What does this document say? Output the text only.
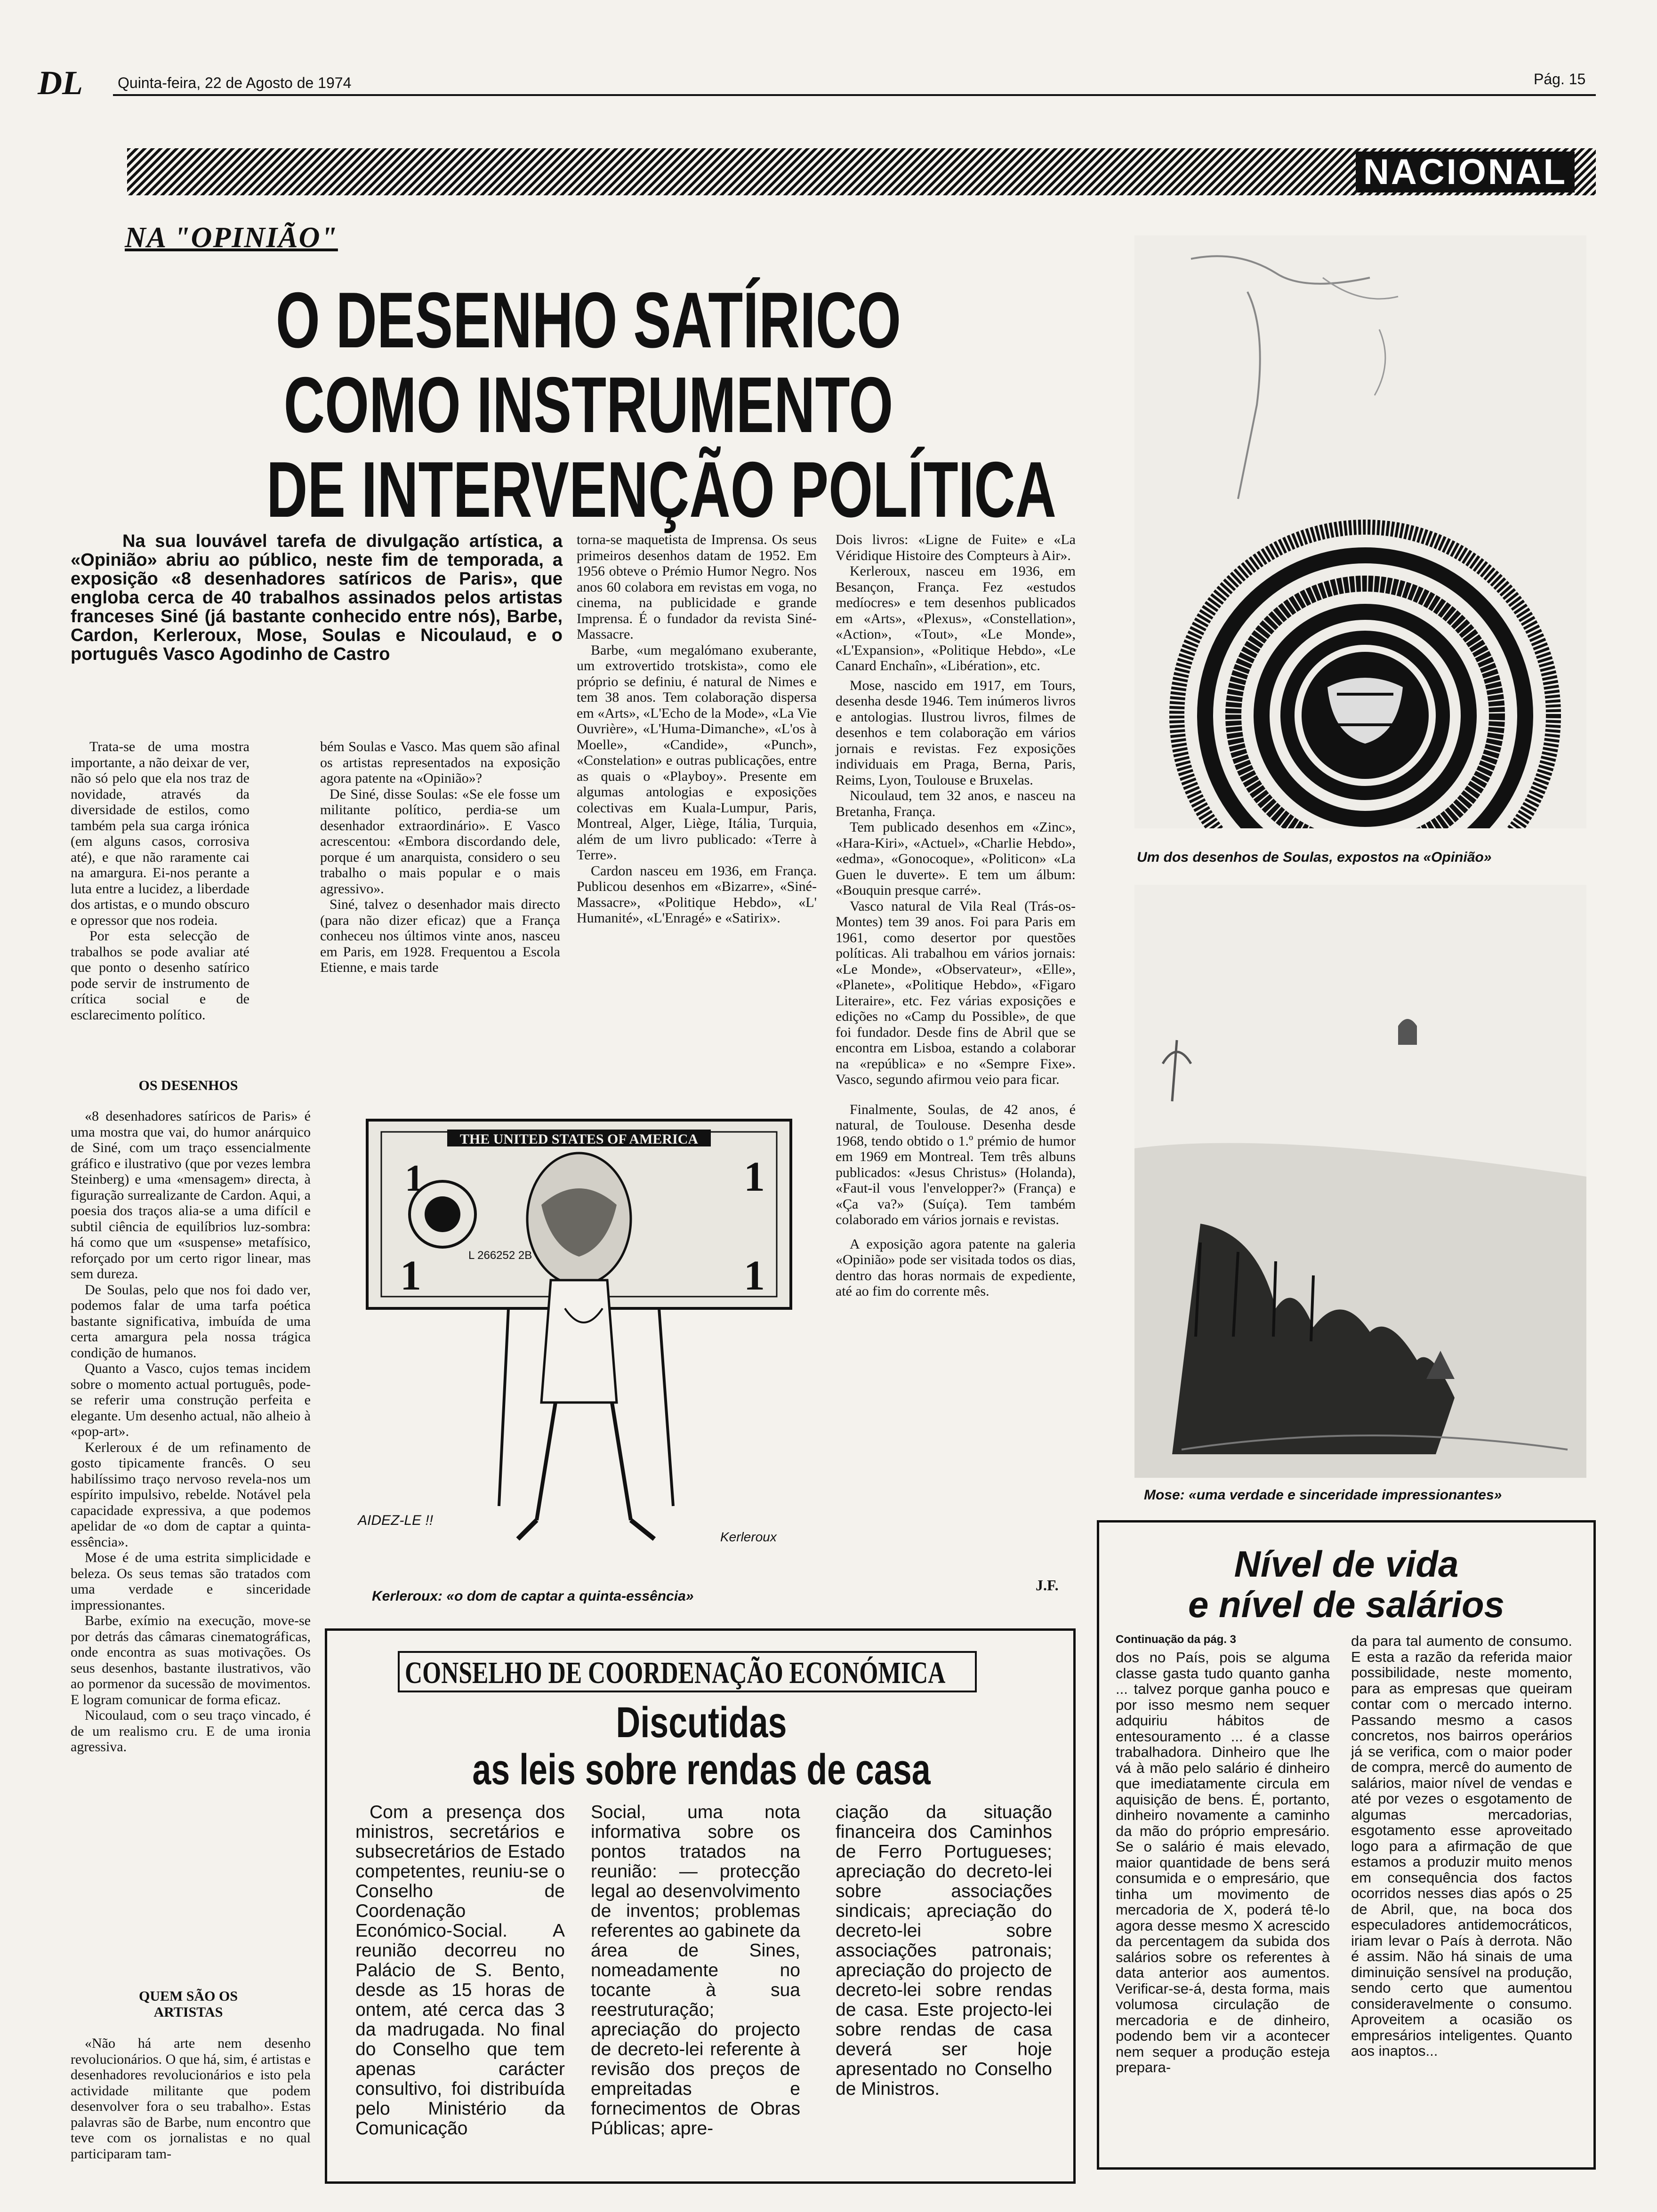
DL Quinta-feira, 22 de Agosto de 1974	Pág. 15
NACIONAL
NA "OPINIÃO"
O DESENHO SATÍRICO
COMO INSTRUMENTO
DE INTERVENÇÃO POLÍTICA

Na sua louvável tarefa de divulgação artística, a «Opinião» abriu ao público, neste fim de temporada, a exposição «8 desenhadores satíricos de Paris», que engloba cerca de 40 trabalhos assinados pelos artistas franceses Siné (já bastante conhecido entre nós), Barbe, Cardon, Kerleroux, Mose, Soulas e Nicoulaud, e o português Vasco Agodinho de Castro

Trata-se de uma mostra importante, a não deixar de ver, não só pelo que ela nos traz de novidade, através da diversidade de estilos, como também pela sua carga irónica (em alguns casos, corrosiva até), e que não raramente cai na amargura. Ei-nos perante a luta entre a lucidez, a liberdade dos artistas, e o mundo obscuro e opressor que nos rodeia.

Por esta selecção de trabalhos se pode avaliar até que ponto o desenho satírico pode servir de instrumento de crítica social e de esclarecimento político.

bém Soulas e Vasco. Mas quem são afinal os artistas representados na exposição agora patente na «Opinião»?

De Siné, disse Soulas: «Se ele fosse um militante político, perdia-se um desenhador extraordinário». E Vasco acrescentou: «Embora discordando dele, porque é um anarquista, considero o seu trabalho o mais popular e o mais agressivo».

Siné, talvez o desenhador mais directo (para não dizer eficaz) que a França conheceu nos últimos vinte anos, nasceu em Paris, em 1928. Frequentou a Escola Etienne, e mais tarde

torna-se maquetista de Imprensa. Os seus primeiros desenhos datam de 1952. Em 1956 obteve o Prémio Humor Negro. Nos anos 60 colabora em revistas em voga, no cinema, na publicidade e grande Imprensa. É o fundador da revista Siné-Massacre.

Barbe, «um megalómano exuberante, um extrovertido trotskista», como ele próprio se definiu, é natural de Nimes e tem 38 anos. Tem colaboração dispersa em «Arts», «L'Echo de la Mode», «La Vie Ouvrière», «L'Huma-Dimanche», «L'os à Moelle», «Candide», «Punch», «Constelation» e outras publicações, entre as quais o «Playboy». Presente em algumas antologias e exposições colectivas em Kuala-Lumpur, Paris, Montreal, Alger, Liège, Itália, Turquia, além de um livro publicado: «Terre à Terre».

Cardon nasceu em 1936, em França. Publicou desenhos em «Bizarre», «Siné-Massacre», «Politique Hebdo», «L' Humanité», «L'Enragé» e «Satirix».

Dois livros: «Ligne de Fuite» e «La Véridique Histoire des Compteurs à Air».

Kerleroux, nasceu em 1936, em Besançon, França. Fez «estudos medíocres» e tem desenhos publicados em «Arts», «Plexus», «Constellation», «Action», «Tout», «Le Monde», «L'Expansion», «Politique Hebdo», «Le Canard Enchaîn», «Libération», etc.

Mose, nascido em 1917, em Tours, desenha desde 1946. Tem inúmeros livros e antologias. Ilustrou livros, filmes de desenhos e tem colaboração em vários jornais e revistas. Fez exposições individuais em Praga, Berna, Paris, Reims, Lyon, Toulouse e Bruxelas.

Nicoulaud, tem 32 anos, e nasceu na Bretanha, França.

Tem publicado desenhos em «Zinc», «Hara-Kiri», «Actuel», «Charlie Hebdo», «edma», «Gonocoque», «Politicon» «La Guen le duverte». E tem um álbum: «Bouquin presque carré».

Vasco natural de Vila Real (Trás-os-Montes) tem 39 anos. Foi para Paris em 1961, como desertor por questões políticas. Ali trabalhou em vários jornais: «Le Monde», «Observateur», «Elle», «Planete», «Politique Hebdo», «Figaro Literaire», etc. Fez várias exposições e edições no «Camp du Possible», de que foi fundador. Desde fins de Abril que se encontra em Lisboa, estando a colaborar na «república» e no «Sempre Fixe». Vasco, segundo afirmou veio para ficar.

Finalmente, Soulas, de 42 anos, é natural, de Toulouse. Desenha desde 1968, tendo obtido o 1.º prémio de humor em 1969 em Montreal. Tem três albuns publicados: «Jesus Christus» (Holanda), «Faut-il vous l'envelopper?» (França) e «Ça va?» (Suíça). Tem também colaborado em vários jornais e revistas.

A exposição agora patente na galeria «Opinião» pode ser visitada todos os dias, dentro das horas normais de expediente, até ao fim do corrente mês.

J.F.
OS DESENHOS

«8 desenhadores satíricos de Paris» é uma mostra que vai, do humor anárquico de Siné, com um traço essencialmente gráfico e ilustrativo (que por vezes lembra Steinberg) e uma «mensagem» directa, à figuração surrealizante de Cardon. Aqui, a poesia dos traços alia-se a uma difícil e subtil ciência de equilíbrios luz-sombra: há como que um «suspense» metafísico, reforçado por um certo rigor linear, mas sem dureza.

De Soulas, pelo que nos foi dado ver, podemos falar de uma tarfa poética bastante significativa, imbuída de uma certa amargura pela nossa trágica condição de humanos.

Quanto a Vasco, cujos temas incidem sobre o momento actual português, pode-se referir uma construção perfeita e elegante. Um desenho actual, não alheio à «pop-art».

Kerleroux é de um refinamento de gosto tipicamente francês. O seu habilíssimo traço nervoso revela-nos um espírito impulsivo, rebelde. Notável pela capacidade expressiva, a que podemos apelidar de «o dom de captar a quinta-essência».

Mose é de uma estrita simplicidade e beleza. Os seus temas são tratados com uma verdade e sinceridade impressionantes.

Barbe, exímio na execução, move-se por detrás das câmaras cinematográficas, onde encontra as suas motivações. Os seus desenhos, bastante ilustrativos, vão ao pormenor da sucessão de movimentos. E logram comunicar de forma eficaz.

Nicoulaud, com o seu traço vincado, é de um realismo cru. E de uma ironia agressiva.

QUEM SÃO OS ARTISTAS

«Não há arte nem desenho revolucionários. O que há, sim, é artistas e desenhadores revolucionários e isto pela actividade militante que podem desenvolver fora o seu trabalho». Estas palavras são de Barbe, num encontro que teve com os jornalistas e no qual participaram tam-

THE UNITED STATES OF AMERICA
1	1
1
1
L 266252 2B
AIDEZ-LE !!
Kerleroux
Kerleroux: «o dom de captar a quinta-essência»
Um dos desenhos de Soulas, expostos na «Opinião»
Mose: «uma verdade e sinceridade impressionantes»
CONSELHO DE COORDENAÇÃO ECONÓMICA
Discutidas
as leis sobre rendas de casa

Com a presença dos ministros, secretários e subsecretários de Estado competentes, reuniu-se o Conselho de Coordenação Económico-Social. A reunião decorreu no Palácio de S. Bento, desde as 15 horas de ontem, até cerca das 3 da madrugada. No final do Conselho que tem apenas carácter consultivo, foi distribuída pelo Ministério da Comunicação

Social, uma nota informativa sobre os pontos tratados na reunião: — protecção legal ao desenvolvimento de inventos; problemas referentes ao gabinete da área de Sines, nomeadamente no tocante à sua reestruturação; apreciação do projecto de decreto-lei referente à revisão dos preços de empreitadas e fornecimentos de Obras Públicas; apre-

ciação da situação financeira dos Caminhos de Ferro Portugueses; apreciação do decreto-lei sobre associações sindicais; apreciação do decreto-lei sobre associações patronais; apreciação do projecto de decreto-lei sobre rendas de casa. Este projecto-lei sobre rendas de casa deverá ser hoje apresentado no Conselho de Ministros.

Nível de vida
e nível de salários
Continuação da pág. 3

dos no País, pois se alguma classe gasta tudo quanto ganha ... talvez porque ganha pouco e por isso mesmo nem sequer adquiriu hábitos de entesouramento ... é a classe trabalhadora. Dinheiro que lhe vá à mão pelo salário é dinheiro que imediatamente circula em aquisição de bens. É, portanto, dinheiro novamente a caminho da mão do próprio empresário. Se o salário é mais elevado, maior quantidade de bens será consumida e o empresário, que tinha um movimento de mercadoria de X, poderá tê-lo agora desse mesmo X acrescido da percentagem da subida dos salários sobre os referentes à data anterior aos aumentos. Verificar-se-á, desta forma, mais volumosa circulação de mercadoria e de dinheiro, podendo bem vir a acontecer nem sequer a produção esteja prepara-

da para tal aumento de consumo. E esta a razão da referida maior possibilidade, neste momento, para as empresas que queiram contar com o mercado interno. Passando mesmo a casos concretos, nos bairros operários já se verifica, com o maior poder de compra, mercê do aumento de salários, maior nível de vendas e até por vezes o esgotamento de algumas mercadorias, esgotamento esse aproveitado logo para a afirmação de que estamos a produzir muito menos em consequência dos factos ocorridos nesses dias após o 25 de Abril, que, na boca dos especuladores antidemocráticos, iriam levar o País à derrota. Não é assim. Não há sinais de uma diminuição sensível na produção, sendo certo que aumentou consideravelmente o consumo. Aproveitem a ocasião os empresários inteligentes. Quanto aos inaptos...
